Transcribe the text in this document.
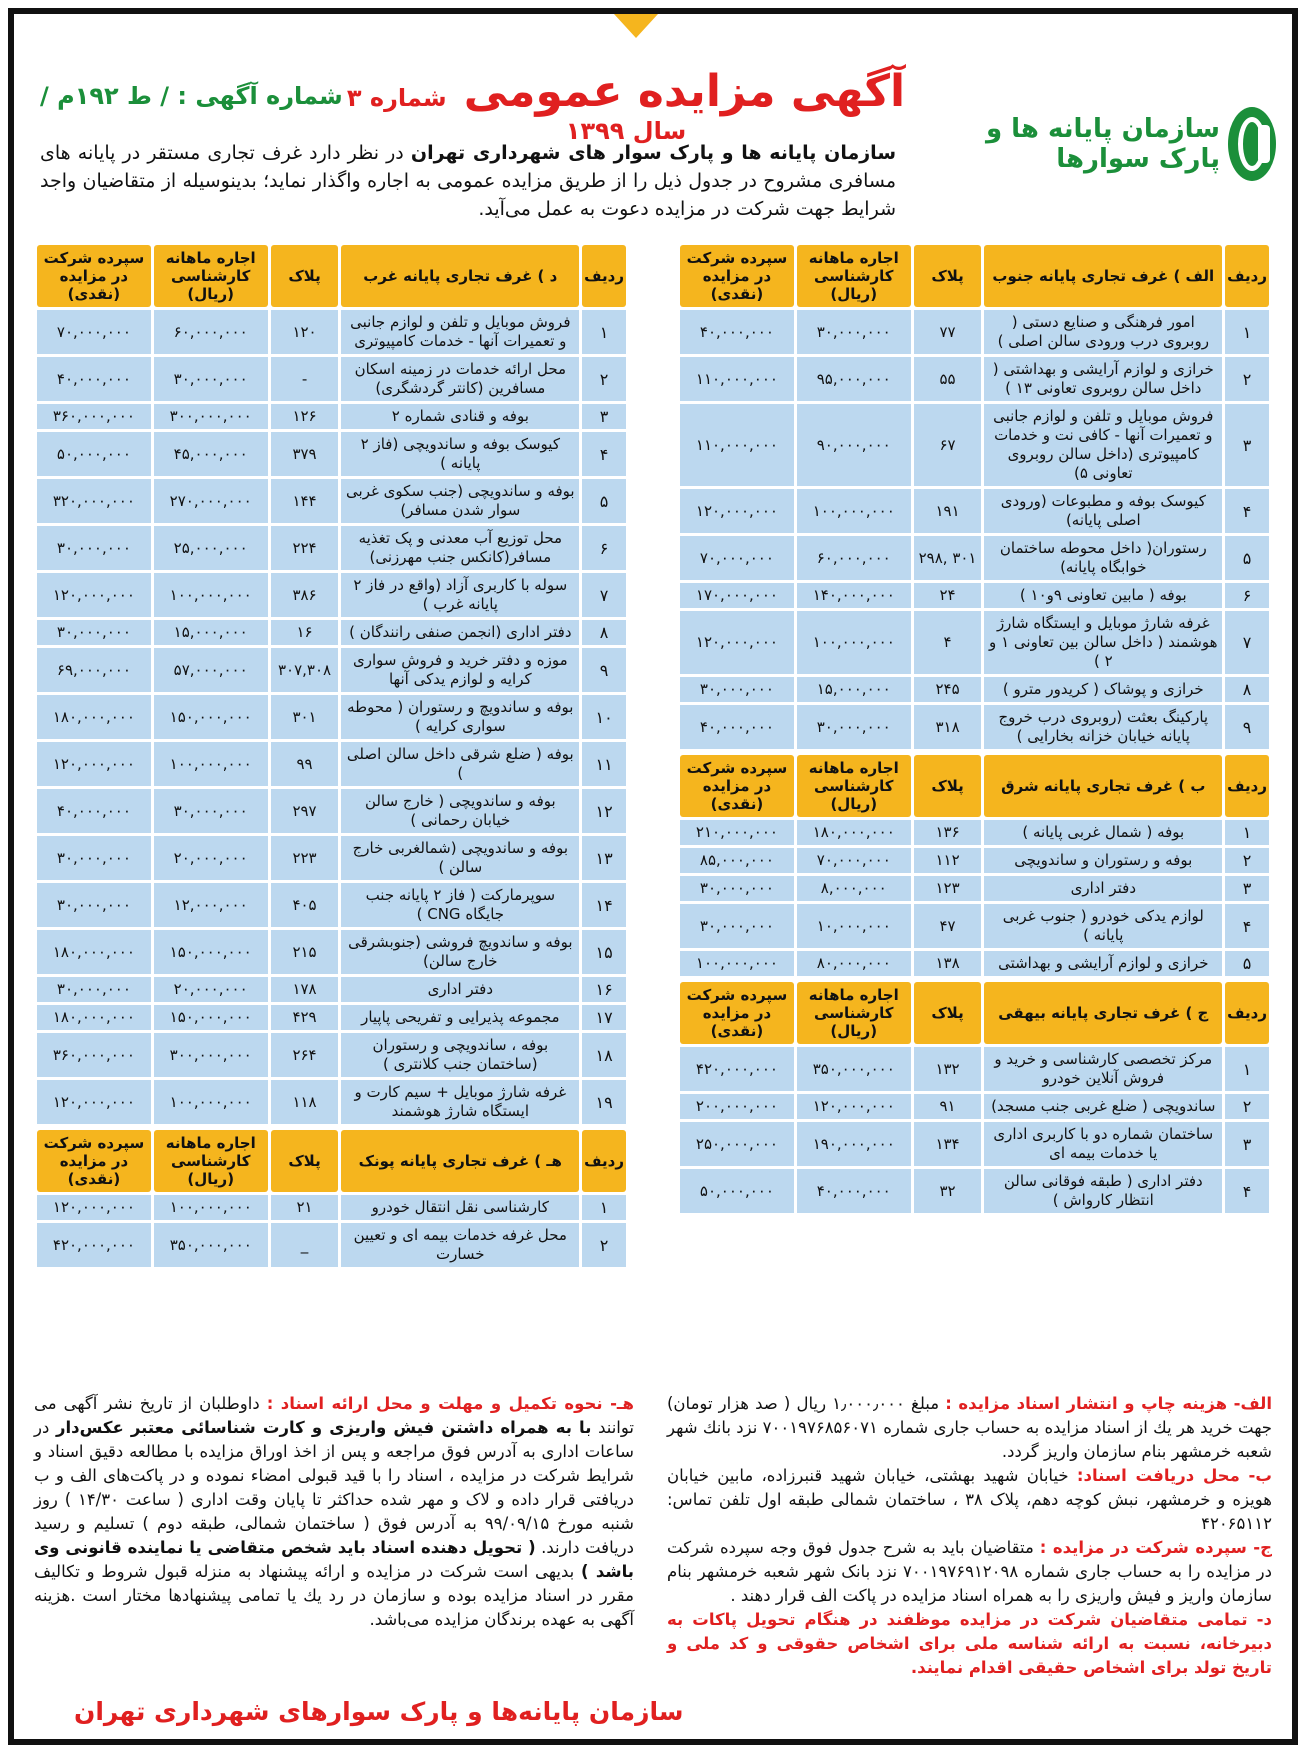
سازمان پایانه ها و پارک سوارها
آگهی مزایده عمومی شماره ۳ سال ۱۳۹۹
شماره آگهی : / ط ۱۹۲م /
سازمان پایانه ها و پارک سوار های شهرداری تهران در نظر دارد غرف تجاری مستقر در پایانه های مسافری مشروح در جدول ذیل را از طریق مزایده عمومی به اجاره واگذار نماید؛ بدینوسیله از متقاضیان واجد شرایط جهت شرکت در مزایده دعوت به عمل می‌آید.
ردیف	الف ) غرف تجاری پایانه جنوب	پلاک	اجاره ماهانه کارشناسی (ریال)	سپرده شرکت در مزایده (نقدی)
۱	امور فرهنگی و صنایع دستی ( روبروی درب ورودی سالن اصلی )	۷۷	۳۰,۰۰۰,۰۰۰	۴۰,۰۰۰,۰۰۰
۲	خرازی و لوازم آرایشی و بهداشتی ( داخل سالن روبروی تعاونی ۱۳ )	۵۵	۹۵,۰۰۰,۰۰۰	۱۱۰,۰۰۰,۰۰۰
۳	فروش موبایل و تلفن و لوازم جانبی و تعمیرات آنها - کافی نت و خدمات کامپیوتری (داخل سالن روبروی تعاونی ۵)	۶۷	۹۰,۰۰۰,۰۰۰	۱۱۰,۰۰۰,۰۰۰
۴	کیوسک بوفه و مطبوعات (ورودی اصلی پایانه)	۱۹۱	۱۰۰,۰۰۰,۰۰۰	۱۲۰,۰۰۰,۰۰۰
۵	رستوران( داخل محوطه ساختمان خوابگاه پایانه)	۳۰۱ ,۲۹۸	۶۰,۰۰۰,۰۰۰	۷۰,۰۰۰,۰۰۰
۶	بوفه ( مابین تعاونی ۹و۱۰ )	۲۴	۱۴۰,۰۰۰,۰۰۰	۱۷۰,۰۰۰,۰۰۰
۷	غرفه شارژ موبایل و ایستگاه شارژ هوشمند ( داخل سالن بین تعاونی ۱ و ۲ )	۴	۱۰۰,۰۰۰,۰۰۰	۱۲۰,۰۰۰,۰۰۰
۸	خرازی و پوشاک ( کریدور مترو )	۲۴۵	۱۵,۰۰۰,۰۰۰	۳۰,۰۰۰,۰۰۰
۹	پارکینگ بعثت (روبروی درب خروج پایانه خیابان خزانه بخارایی )	۳۱۸	۳۰,۰۰۰,۰۰۰	۴۰,۰۰۰,۰۰۰
ردیف	ب ) غرف تجاری پایانه شرق	پلاک	اجاره ماهانه کارشناسی (ریال)	سپرده شرکت در مزایده (نقدی)
۱	بوفه ( شمال غربی پایانه )	۱۳۶	۱۸۰,۰۰۰,۰۰۰	۲۱۰,۰۰۰,۰۰۰
۲	بوفه و رستوران و ساندویچی	۱۱۲	۷۰,۰۰۰,۰۰۰	۸۵,۰۰۰,۰۰۰
۳	دفتر اداری	۱۲۳	۸,۰۰۰,۰۰۰	۳۰,۰۰۰,۰۰۰
۴	لوازم یدکی خودرو ( جنوب غربی پایانه )	۴۷	۱۰,۰۰۰,۰۰۰	۳۰,۰۰۰,۰۰۰
۵	خرازی و لوازم آرایشی و بهداشتی	۱۳۸	۸۰,۰۰۰,۰۰۰	۱۰۰,۰۰۰,۰۰۰
ردیف	ج ) غرف تجاری پایانه بیهقی	پلاک	اجاره ماهانه کارشناسی (ریال)	سپرده شرکت در مزایده (نقدی)
۱	مرکز تخصصی کارشناسی و خرید و فروش آنلاین خودرو	۱۳۲	۳۵۰,۰۰۰,۰۰۰	۴۲۰,۰۰۰,۰۰۰
۲	ساندویچی ( ضلع غربی جنب مسجد)	۹۱	۱۲۰,۰۰۰,۰۰۰	۲۰۰,۰۰۰,۰۰۰
۳	ساختمان شماره دو با کاربری اداری یا خدمات بیمه ای	۱۳۴	۱۹۰,۰۰۰,۰۰۰	۲۵۰,۰۰۰,۰۰۰
۴	دفتر اداری ( طبقه فوقانی سالن انتظار کارواش )	۳۲	۴۰,۰۰۰,۰۰۰	۵۰,۰۰۰,۰۰۰
ردیف	د ) غرف تجاری پایانه غرب	پلاک	اجاره ماهانه کارشناسی (ریال)	سپرده شرکت در مزایده (نقدی)
۱	فروش موبایل و تلفن و لوازم جانبی و تعمیرات آنها - خدمات کامپیوتری	۱۲۰	۶۰,۰۰۰,۰۰۰	۷۰,۰۰۰,۰۰۰
۲	محل ارائه خدمات در زمینه اسکان مسافرین (کانتر گردشگری)	-	۳۰,۰۰۰,۰۰۰	۴۰,۰۰۰,۰۰۰
۳	بوفه و قنادی شماره ۲	۱۲۶	۳۰۰,۰۰۰,۰۰۰	۳۶۰,۰۰۰,۰۰۰
۴	کیوسک بوفه و ساندویچی (فاز ۲ پایانه )	۳۷۹	۴۵,۰۰۰,۰۰۰	۵۰,۰۰۰,۰۰۰
۵	بوفه و ساندویچی (جنب سکوی غربی سوار شدن مسافر)	۱۴۴	۲۷۰,۰۰۰,۰۰۰	۳۲۰,۰۰۰,۰۰۰
۶	محل توزیع آب معدنی و پک تغذیه مسافر(کانکس جنب مهرزنی)	۲۲۴	۲۵,۰۰۰,۰۰۰	۳۰,۰۰۰,۰۰۰
۷	سوله با کاربری آزاد (واقع در فاز ۲ پایانه غرب )	۳۸۶	۱۰۰,۰۰۰,۰۰۰	۱۲۰,۰۰۰,۰۰۰
۸	دفتر اداری (انجمن صنفی رانندگان )	۱۶	۱۵,۰۰۰,۰۰۰	۳۰,۰۰۰,۰۰۰
۹	موزه و دفتر خرید و فروش سواری کرایه و لوازم یدکی آنها	۳۰۷,۳۰۸	۵۷,۰۰۰,۰۰۰	۶۹,۰۰۰,۰۰۰
۱۰	بوفه و ساندویچ و رستوران ( محوطه سواری کرایه )	۳۰۱	۱۵۰,۰۰۰,۰۰۰	۱۸۰,۰۰۰,۰۰۰
۱۱	بوفه ( ضلع شرقی داخل سالن اصلی )	۹۹	۱۰۰,۰۰۰,۰۰۰	۱۲۰,۰۰۰,۰۰۰
۱۲	بوفه و ساندویچی ( خارج سالن خیابان رحمانی )	۲۹۷	۳۰,۰۰۰,۰۰۰	۴۰,۰۰۰,۰۰۰
۱۳	بوفه و ساندویچی (شمالغربی خارج سالن )	۲۲۳	۲۰,۰۰۰,۰۰۰	۳۰,۰۰۰,۰۰۰
۱۴	سوپرمارکت ( فاز ۲ پایانه جنب جایگاه CNG )	۴۰۵	۱۲,۰۰۰,۰۰۰	۳۰,۰۰۰,۰۰۰
۱۵	بوفه و ساندویچ فروشی (جنوبشرقی خارج سالن)	۲۱۵	۱۵۰,۰۰۰,۰۰۰	۱۸۰,۰۰۰,۰۰۰
۱۶	دفتر اداری	۱۷۸	۲۰,۰۰۰,۰۰۰	۳۰,۰۰۰,۰۰۰
۱۷	مجموعه پذیرایی و تفریحی پاپیار	۴۲۹	۱۵۰,۰۰۰,۰۰۰	۱۸۰,۰۰۰,۰۰۰
۱۸	بوفه ، ساندویچی و رستوران (ساختمان جنب کلانتری )	۲۶۴	۳۰۰,۰۰۰,۰۰۰	۳۶۰,۰۰۰,۰۰۰
۱۹	غرفه شارژ موبایل + سیم کارت و ایستگاه شارژ هوشمند	۱۱۸	۱۰۰,۰۰۰,۰۰۰	۱۲۰,۰۰۰,۰۰۰
ردیف	هـ ) غرف تجاری پایانه پونک	پلاک	اجاره ماهانه کارشناسی (ریال)	سپرده شرکت در مزایده (نقدی)
۱	کارشناسی نقل انتقال خودرو	۲۱	۱۰۰,۰۰۰,۰۰۰	۱۲۰,۰۰۰,۰۰۰
۲	محل غرفه خدمات بیمه ای و تعیین خسارت	_	۳۵۰,۰۰۰,۰۰۰	۴۲۰,۰۰۰,۰۰۰
الف- هزینه چاپ و انتشار اسناد مزایده : مبلغ ۱٫۰۰۰٫۰۰۰ ریال ( صد هزار تومان) جهت خرید هر یك از اسناد مزایده به حساب جاری شماره ۷۰۰۱۹۷۶۸۵۶۰۷۱ نزد بانك شهر شعبه خرمشهر بنام سازمان واریز گردد.
ب- محل دریافت اسناد: خیابان شهید بهشتی، خیابان شهید قنبرزاده، مابین خیابان هویزه و خرمشهر، نبش کوچه دهم، پلاک ۳۸ ، ساختمان شمالی طبقه اول تلفن تماس: ۴۲۰۶۵۱۱۲
ج- سپرده شرکت در مزایده : متقاضیان باید به شرح جدول فوق وجه سپرده شرکت در مزایده را به حساب جاری شماره ۷۰۰۱۹۷۶۹۱۲۰۹۸ نزد بانک شهر شعبه خرمشهر بنام سازمان واریز و فیش واریزی را به همراه اسناد مزایده در پاکت الف قرار دهند .
د- تمامی متقاضیان شرکت در مزایده موظفند در هنگام تحویل پاکات به دبیرخانه، نسبت به ارائه شناسه ملی برای اشخاص حقوقی و کد ملی و تاریخ تولد برای اشخاص حقیقی اقدام نمایند.
هـ- نحوه تکمیل و مهلت و محل ارائه اسناد : داوطلبان از تاریخ نشر آگهی می توانند با به همراه داشتن فیش واریزی و کارت شناسائی معتبر عکس‌دار در ساعات اداری به آدرس فوق مراجعه و پس از اخذ اوراق مزایده با مطالعه دقیق اسناد و شرایط شرکت در مزایده ، اسناد را با قید قبولی امضاء نموده و در پاکت‌های الف و ب دریافتی قرار داده و لاک و مهر شده حداکثر تا پایان وقت اداری ( ساعت ۱۴/۳۰ ) روز شنبه مورخ ۹۹/۰۹/۱۵ به آدرس فوق ( ساختمان شمالی، طبقه دوم ) تسلیم و رسید دریافت دارند. ( تحویل دهنده اسناد باید شخص متقاضی یا نماینده قانونی وی باشد ) بدیهی است شرکت در مزایده و ارائه پیشنهاد به منزله قبول شروط و تکالیف مقرر در اسناد مزایده بوده و سازمان در رد یك یا تمامی پیشنهادها مختار است .هزینه آگهی به عهده برندگان مزایده می‌باشد.
سازمان پایانه‌ها و پارک سوارهای شهرداری تهران
